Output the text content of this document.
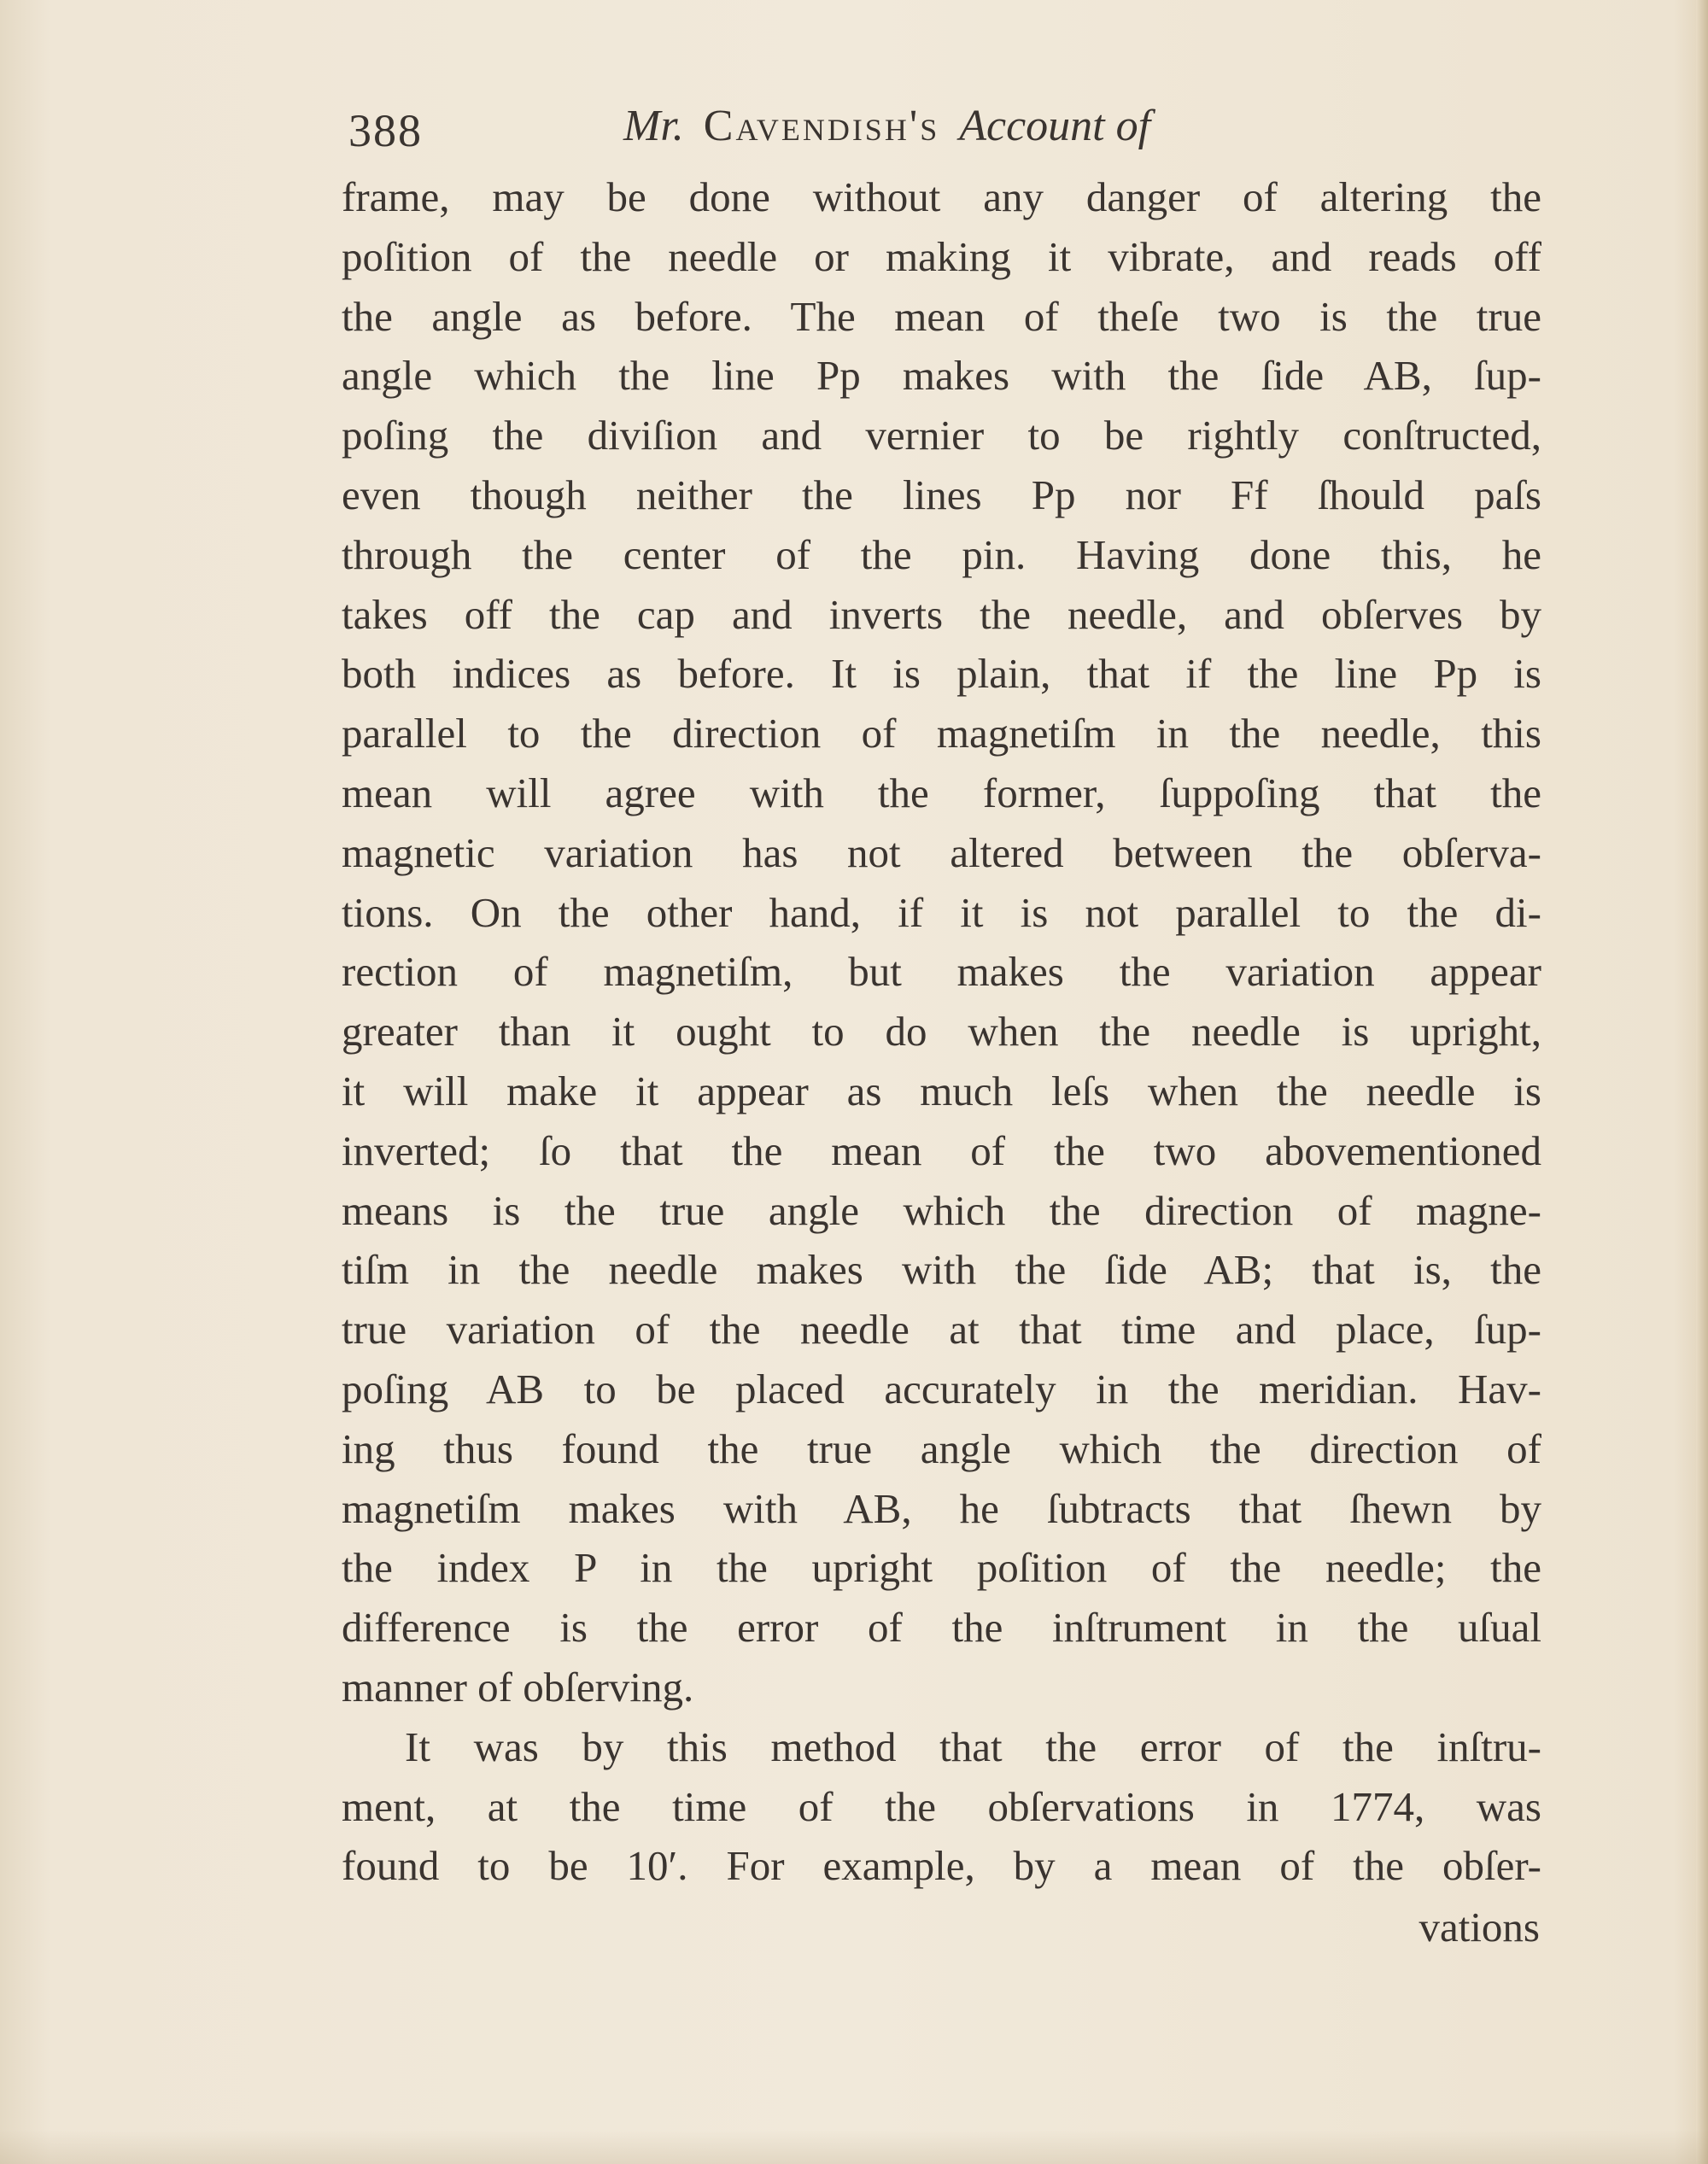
388	Mr. Cavendish's Account of
frame, may be done without any danger of altering the
poſition of the needle or making it vibrate, and reads off
the angle as before. The mean of theſe two is the true
angle which the line Pp makes with the ſide AB, ſup-
poſing the diviſion and vernier to be rightly conſtructed,
even though neither the lines Pp nor Ff ſhould paſs
through the center of the pin. Having done this, he
takes off the cap and inverts the needle, and obſerves by
both indices as before. It is plain, that if the line Pp is
parallel to the direction of magnetiſm in the needle, this
mean will agree with the former, ſuppoſing that the
magnetic variation has not altered between the obſerva-
tions. On the other hand, if it is not parallel to the di-
rection of magnetiſm, but makes the variation appear
greater than it ought to do when the needle is upright,
it will make it appear as much leſs when the needle is
inverted; ſo that the mean of the two abovementioned
means is the true angle which the direction of magne-
tiſm in the needle makes with the ſide AB; that is, the
true variation of the needle at that time and place, ſup-
poſing AB to be placed accurately in the meridian. Hav-
ing thus found the true angle which the direction of
magnetiſm makes with AB, he ſubtracts that ſhewn by
the index P in the upright poſition of the needle; the
difference is the error of the inſtrument in the uſual
manner of obſerving.
It was by this method that the error of the inſtru-
ment, at the time of the obſervations in 1774, was
found to be 10′. For example, by a mean of the obſer-
vations
